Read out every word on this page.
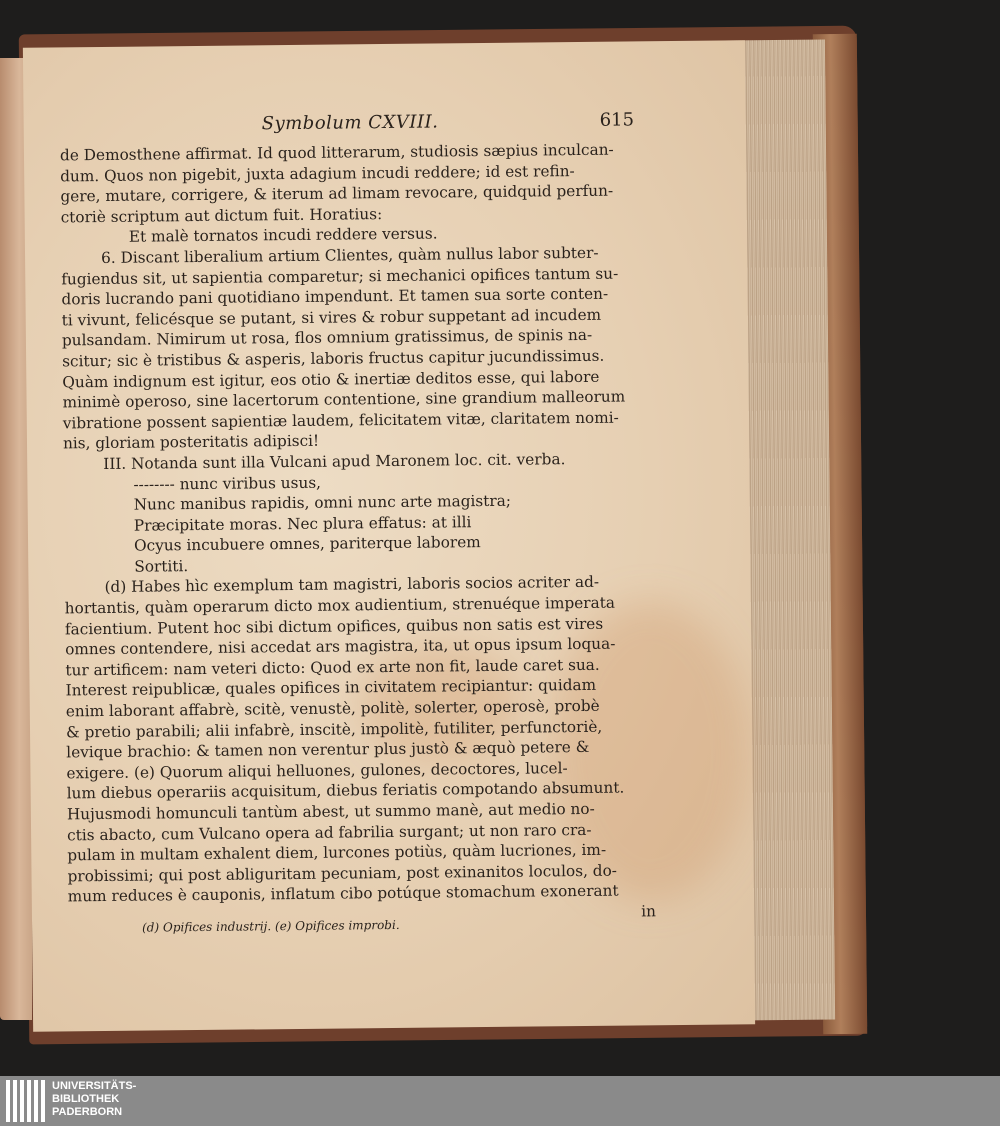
Symbolum CXVIII.	615
de Demosthene affirmat. Id quod litterarum, studiosis sæpius inculcan-
dum. Quos non pigebit, juxta adagium incudi reddere; id est refin-
gere, mutare, corrigere, & iterum ad limam revocare, quidquid perfun-
ctoriè scriptum aut dictum fuit. Horatius:
Et malè tornatos incudi reddere versus.
6. Discant liberalium artium Clientes, quàm nullus labor subter-
fugiendus sit, ut sapientia comparetur; si mechanici opifices tantum su-
doris lucrando pani quotidiano impendunt. Et tamen sua sorte conten-
ti vivunt, felicésque se putant, si vires & robur suppetant ad incudem
pulsandam. Nimirum ut rosa, flos omnium gratissimus, de spinis na-
scitur; sic è tristibus & asperis, laboris fructus capitur jucundissimus.
Quàm indignum est igitur, eos otio & inertiæ deditos esse, qui labore
minimè operoso, sine lacertorum contentione, sine grandium malleorum
vibratione possent sapientiæ laudem, felicitatem vitæ, claritatem nomi-
nis, gloriam posteritatis adipisci!
III. Notanda sunt illa Vulcani apud Maronem loc. cit. verba.
-------- nunc viribus usus,
Nunc manibus rapidis, omni nunc arte magistra;
Præcipitate moras. Nec plura effatus: at illi
Ocyus incubuere omnes, pariterque laborem
Sortiti.
(d) Habes hìc exemplum tam magistri, laboris socios acriter ad-
hortantis, quàm operarum dicto mox audientium, strenuéque imperata
facientium. Putent hoc sibi dictum opifices, quibus non satis est vires
omnes contendere, nisi accedat ars magistra, ita, ut opus ipsum loqua-
tur artificem: nam veteri dicto: Quod ex arte non fit, laude caret sua.
Interest reipublicæ, quales opifices in civitatem recipiantur: quidam
enim laborant affabrè, scitè, venustè, politè, solerter, operosè, probè
& pretio parabili; alii infabrè, inscitè, impolitè, futiliter, perfunctoriè,
levique brachio: & tamen non verentur plus justò & æquò petere &
exigere. (e) Quorum aliqui helluones, gulones, decoctores, lucel-
lum diebus operariis acquisitum, diebus feriatis compotando absumunt.
Hujusmodi homunculi tantùm abest, ut summo manè, aut medio no-
ctis abacto, cum Vulcano opera ad fabrilia surgant; ut non raro cra-
pulam in multam exhalent diem, lurcones potiùs, quàm lucriones, im-
probissimi; qui post abliguritam pecuniam, post exinanitos loculos, do-
mum reduces è cauponis, inflatum cibo potúque stomachum exonerant
in
(d) Opifices industrij. (e) Opifices improbi.
UNIVERSITÄTS-
BIBLIOTHEK
PADERBORN
